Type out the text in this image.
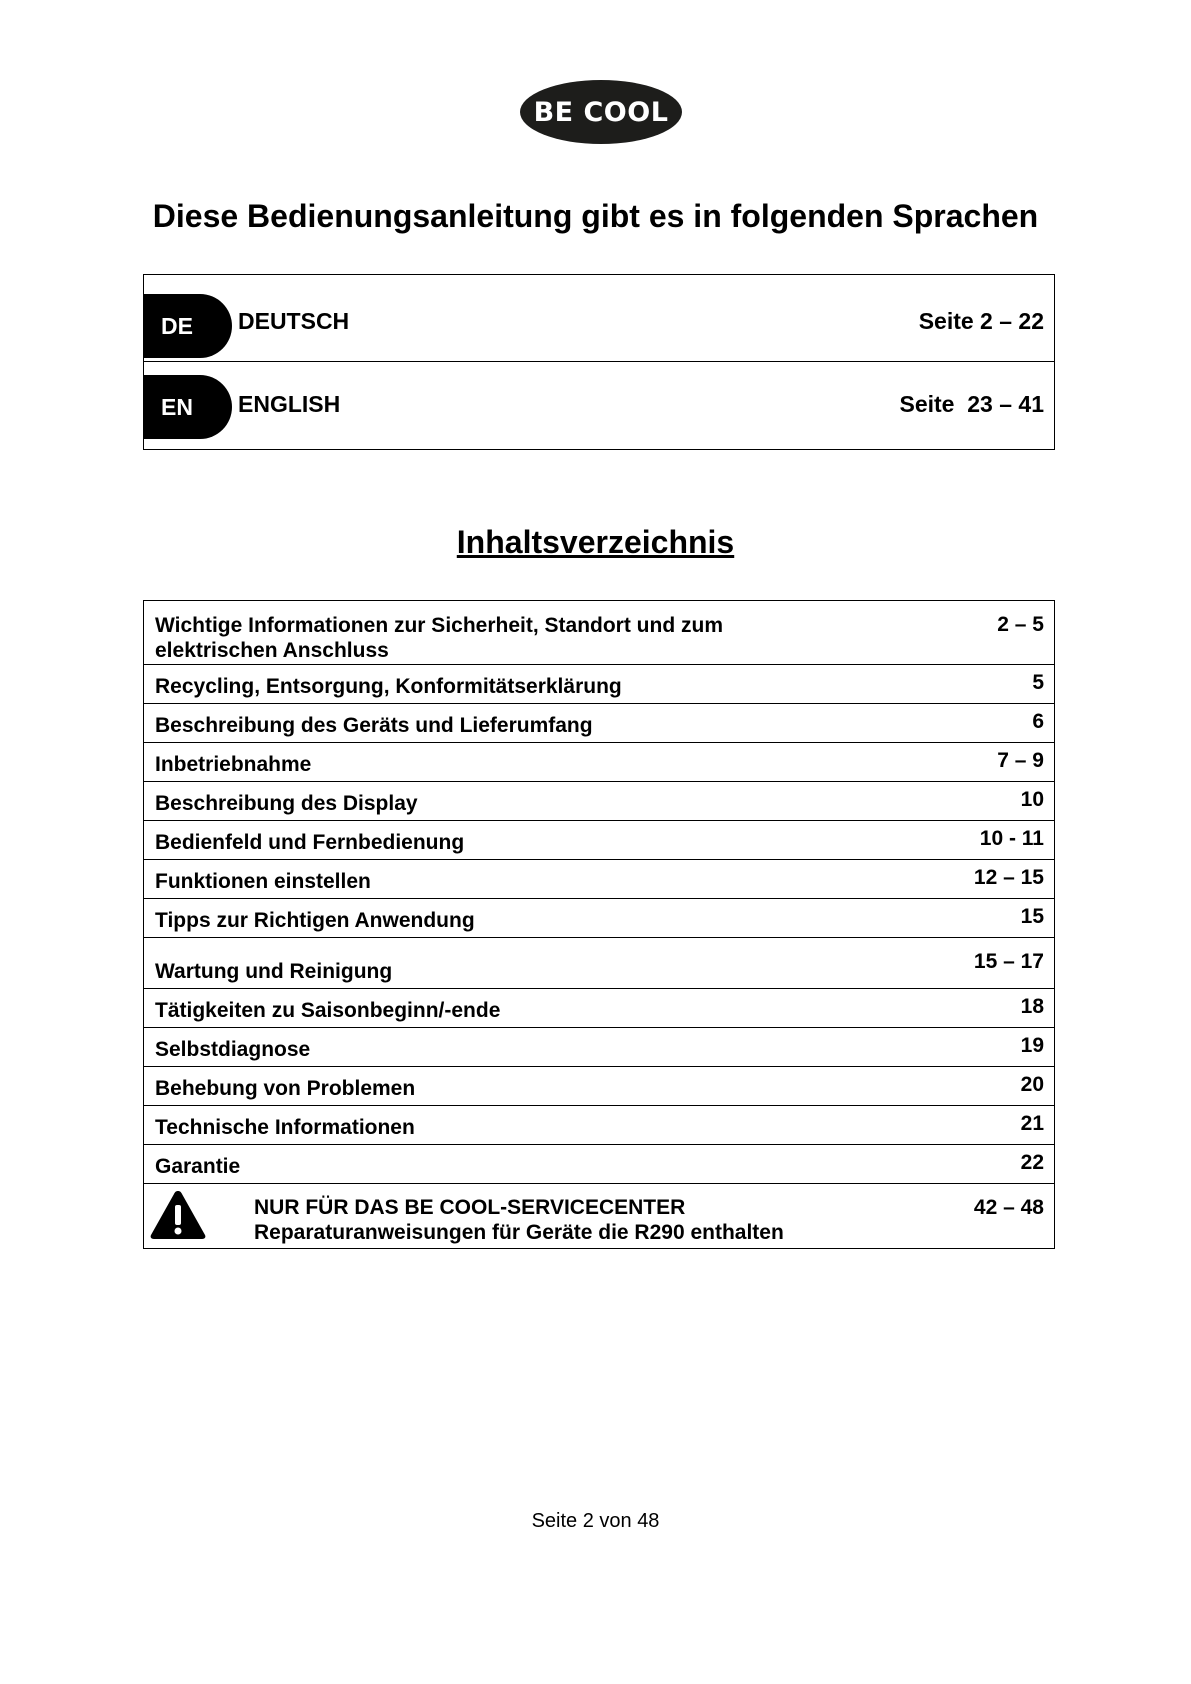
BE COOL
Diese Bedienungsanleitung gibt es in folgenden Sprachen
DE	DEUTSCH	Seite 2 – 22
EN	ENGLISH	Seite  23 – 41
Inhaltsverzeichnis
Wichtige Informationen zur Sicherheit, Standort und zum
elektrischen Anschluss
2 – 5
Recycling, Entsorgung, Konformitätserklärung	5
Beschreibung des Geräts und Lieferumfang	6
Inbetriebnahme	7 – 9
Beschreibung des Display	10
Bedienfeld und Fernbedienung	10 - 11
Funktionen einstellen	12 – 15
Tipps zur Richtigen Anwendung	15
Wartung und Reinigung	15 – 17
Tätigkeiten zu Saisonbeginn/-ende	18
Selbstdiagnose	19
Behebung von Problemen	20
Technische Informationen	21
Garantie	22
NUR FÜR DAS BE COOL-SERVICECENTER
Reparaturanweisungen für Geräte die R290 enthalten
42 – 48
Seite 2 von 48
